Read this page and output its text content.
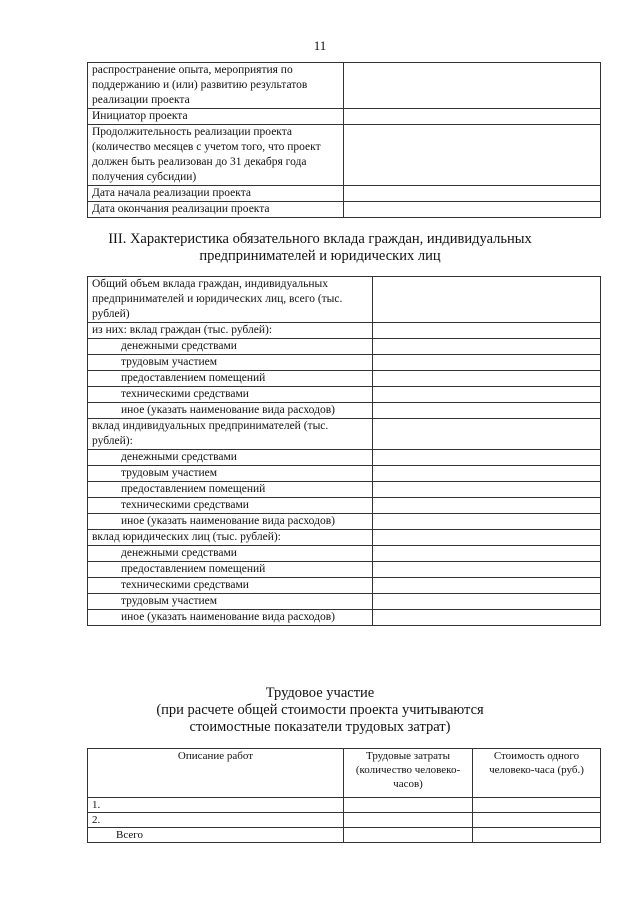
11
распространение опыта, мероприятия по поддержанию и (или) развитию результатов реализации проекта	
Инициатор проекта	
Продолжительность реализации проекта (количество месяцев с учетом того, что проект должен быть реализован до 31 декабря года получения субсидии)	
Дата начала реализации проекта	
Дата окончания реализации проекта	
III. Характеристика обязательного вклада граждан, индивидуальных
предпринимателей и юридических лиц
Общий объем вклада граждан, индивидуальных предпринимателей и юридических лиц, всего (тыс. рублей)	
из них: вклад граждан (тыс. рублей):	
денежными средствами	
трудовым участием	
предоставлением помещений	
техническими средствами	
иное (указать наименование вида расходов)	
вклад индивидуальных предпринимателей (тыс. рублей):	
денежными средствами	
трудовым участием	
предоставлением помещений	
техническими средствами	
иное (указать наименование вида расходов)	
вклад юридических лиц (тыс. рублей):	
денежными средствами	
предоставлением помещений	
техническими средствами	
трудовым участием	
иное (указать наименование вида расходов)	
Трудовое участие
(при расчете общей стоимости проекта учитываются
стоимостные показатели трудовых затрат)
Описание работ	Трудовые затраты (количество человеко-часов)	Стоимость одного человеко-часа (руб.)
1.		
2.		
Всего		
